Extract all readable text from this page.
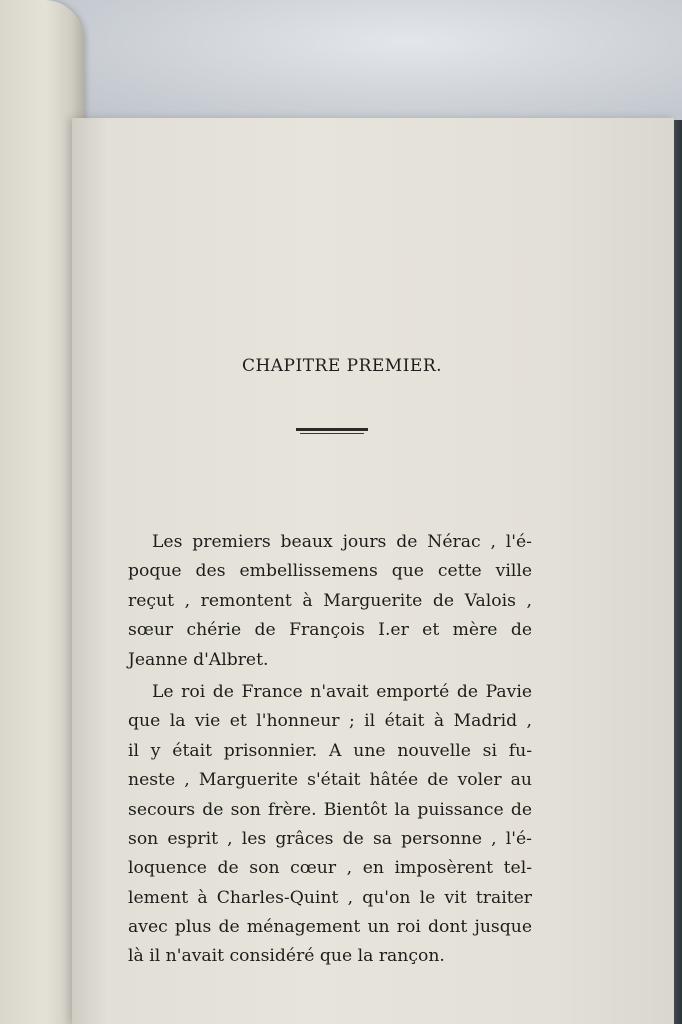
CHAPITRE PREMIER.
Les premiers beaux jours de Nérac , l'é-
poque des embellissemens que cette ville
reçut , remontent à Marguerite de Valois ,
sœur chérie de François I.er et mère de
Jeanne d'Albret.
Le roi de France n'avait emporté de Pavie
que la vie et l'honneur ; il était à Madrid ,
il y était prisonnier. A une nouvelle si fu-
neste , Marguerite s'était hâtée de voler au
secours de son frère. Bientôt la puissance de
son esprit , les grâces de sa personne , l'é-
loquence de son cœur , en imposèrent tel-
lement à Charles-Quint , qu'on le vit traiter
avec plus de ménagement un roi dont jusque
là il n'avait considéré que la rançon.
